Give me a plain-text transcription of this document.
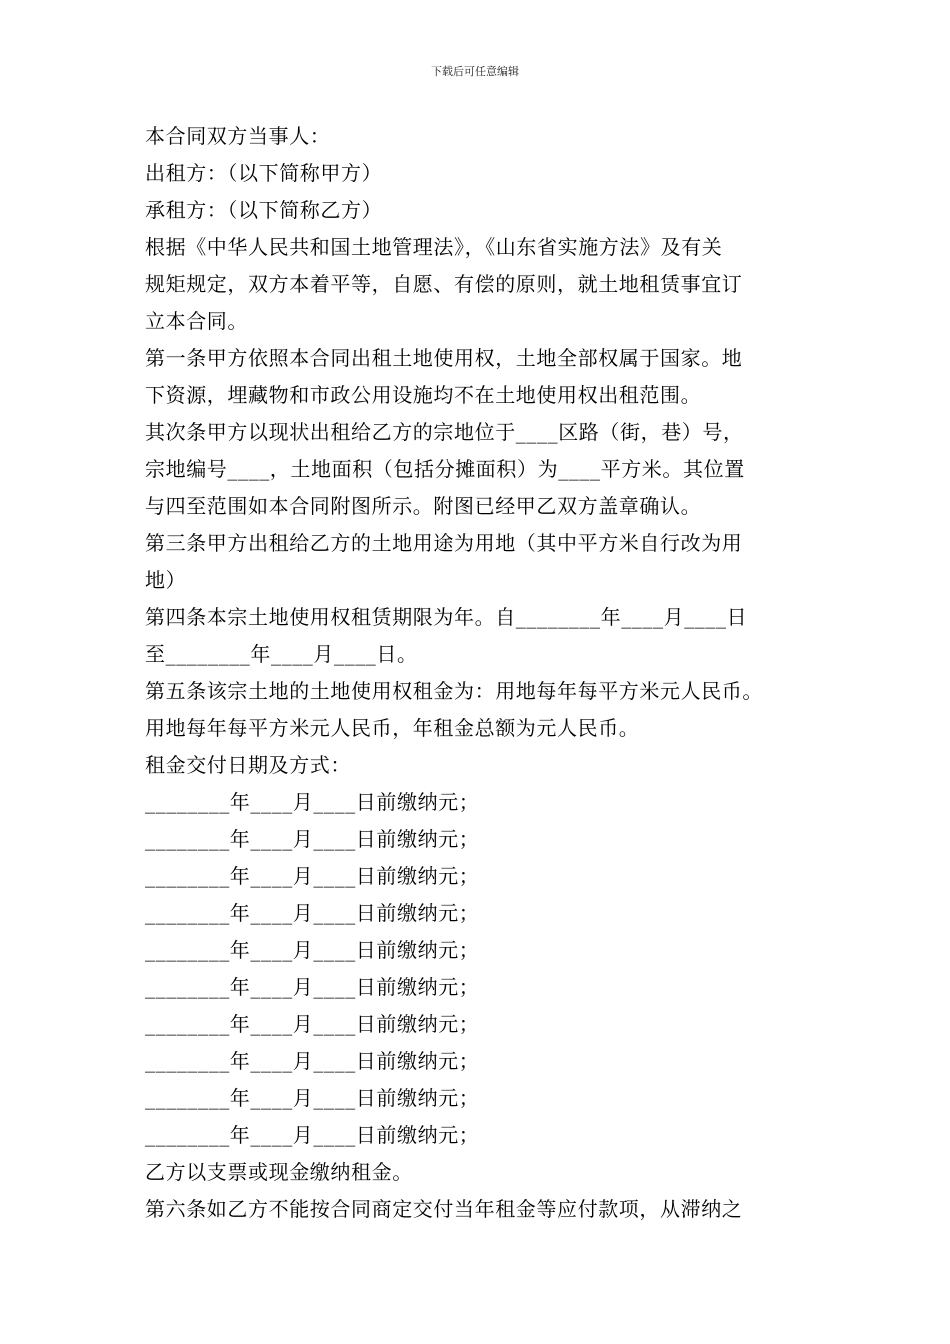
下载后可任意编辑
本合同双方当事人：
出租方：（以下简称甲方）
承租方：（以下简称乙方）
根据《中华人民共和国土地管理法》，《山东省实施方法》及有关
规矩规定，双方本着平等，自愿、有偿的原则，就土地租赁事宜订
立本合同。
第一条甲方依照本合同出租土地使用权，土地全部权属于国家。地
下资源，埋藏物和市政公用设施均不在土地使用权出租范围。
其次条甲方以现状出租给乙方的宗地位于____区路（街，巷）号，
宗地编号____，土地面积（包括分摊面积）为____平方米。其位置
与四至范围如本合同附图所示。附图已经甲乙双方盖章确认。
第三条甲方出租给乙方的土地用途为用地（其中平方米自行改为用
地）
第四条本宗土地使用权租赁期限为年。自________年____月____日
至________年____月____日。
第五条该宗土地的土地使用权租金为：用地每年每平方米元人民币。
用地每年每平方米元人民币，年租金总额为元人民币。
租金交付日期及方式：
________年____月____日前缴纳元；
________年____月____日前缴纳元；
________年____月____日前缴纳元；
________年____月____日前缴纳元；
________年____月____日前缴纳元；
________年____月____日前缴纳元；
________年____月____日前缴纳元；
________年____月____日前缴纳元；
________年____月____日前缴纳元；
________年____月____日前缴纳元；
乙方以支票或现金缴纳租金。
第六条如乙方不能按合同商定交付当年租金等应付款项，从滞纳之
